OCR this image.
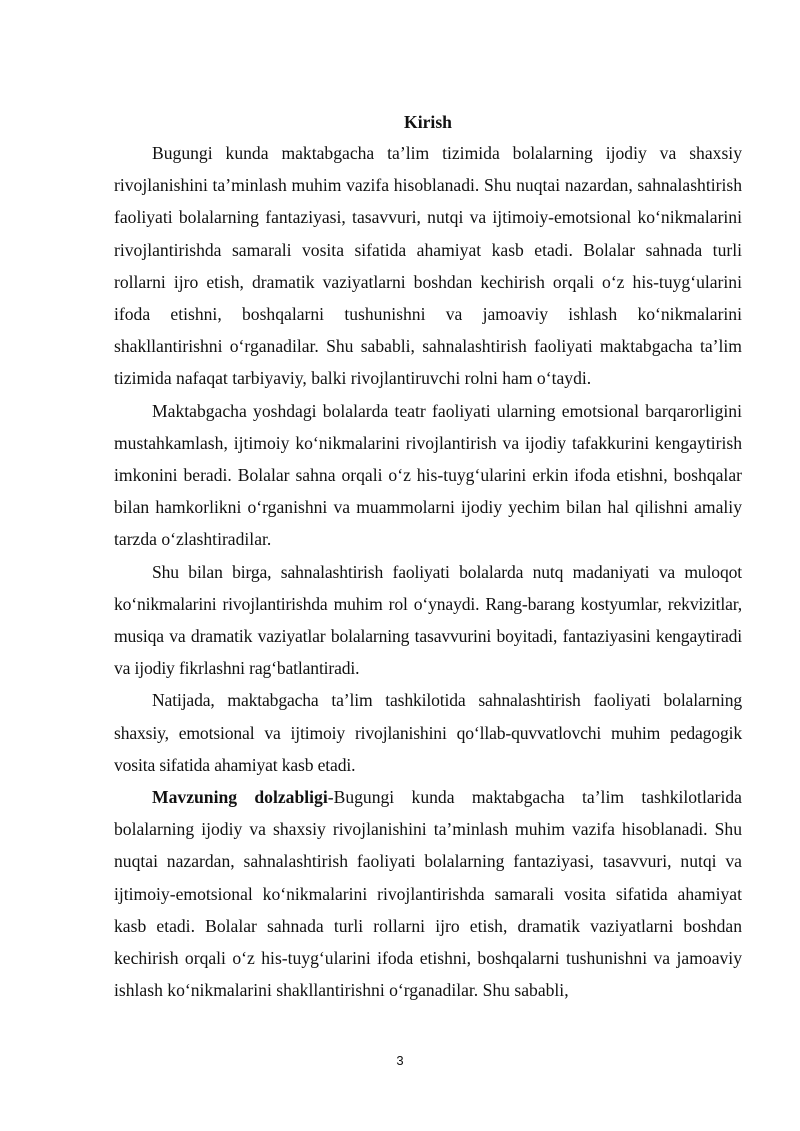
Kirish

Bugungi kunda maktabgacha ta’lim tizimida bolalarning ijodiy va shaxsiy rivojlanishini ta’minlash muhim vazifa hisoblanadi. Shu nuqtai nazardan, sahnalashtirish faoliyati bolalarning fantaziyasi, tasavvuri, nutqi va ijtimoiy-emotsional ko‘nikmalarini rivojlantirishda samarali vosita sifatida ahamiyat kasb etadi. Bolalar sahnada turli rollarni ijro etish, dramatik vaziyatlarni boshdan kechirish orqali o‘z his-tuyg‘ularini ifoda etishni, boshqalarni tushunishni va jamoaviy ishlash ko‘nikmalarini shakllantirishni o‘rganadilar. Shu sababli, sahnalashtirish faoliyati maktabgacha ta’lim tizimida nafaqat tarbiyaviy, balki rivojlantiruvchi rolni ham o‘taydi.

Maktabgacha yoshdagi bolalarda teatr faoliyati ularning emotsional barqarorligini mustahkamlash, ijtimoiy ko‘nikmalarini rivojlantirish va ijodiy tafakkurini kengaytirish imkonini beradi. Bolalar sahna orqali o‘z his-tuyg‘ularini erkin ifoda etishni, boshqalar bilan hamkorlikni o‘rganishni va muammolarni ijodiy yechim bilan hal qilishni amaliy tarzda o‘zlashtiradilar.

Shu bilan birga, sahnalashtirish faoliyati bolalarda nutq madaniyati va muloqot ko‘nikmalarini rivojlantirishda muhim rol o‘ynaydi. Rang-barang kostyumlar, rekvizitlar, musiqa va dramatik vaziyatlar bolalarning tasavvurini boyitadi, fantaziyasini kengaytiradi va ijodiy fikrlashni rag‘batlantiradi.

Natijada, maktabgacha ta’lim tashkilotida sahnalashtirish faoliyati bolalarning shaxsiy, emotsional va ijtimoiy rivojlanishini qo‘llab-quvvatlovchi muhim pedagogik vosita sifatida ahamiyat kasb etadi.

Mavzuning dolzabligi-Bugungi kunda maktabgacha ta’lim tashkilotlarida bolalarning ijodiy va shaxsiy rivojlanishini ta’minlash muhim vazifa hisoblanadi. Shu nuqtai nazardan, sahnalashtirish faoliyati bolalarning fantaziyasi, tasavvuri, nutqi va ijtimoiy-emotsional ko‘nikmalarini rivojlantirishda samarali vosita sifatida ahamiyat kasb etadi. Bolalar sahnada turli rollarni ijro etish, dramatik vaziyatlarni boshdan kechirish orqali o‘z his-tuyg‘ularini ifoda etishni, boshqalarni tushunishni va jamoaviy ishlash ko‘nikmalarini shakllantirishni o‘rganadilar. Shu sababli,

3
